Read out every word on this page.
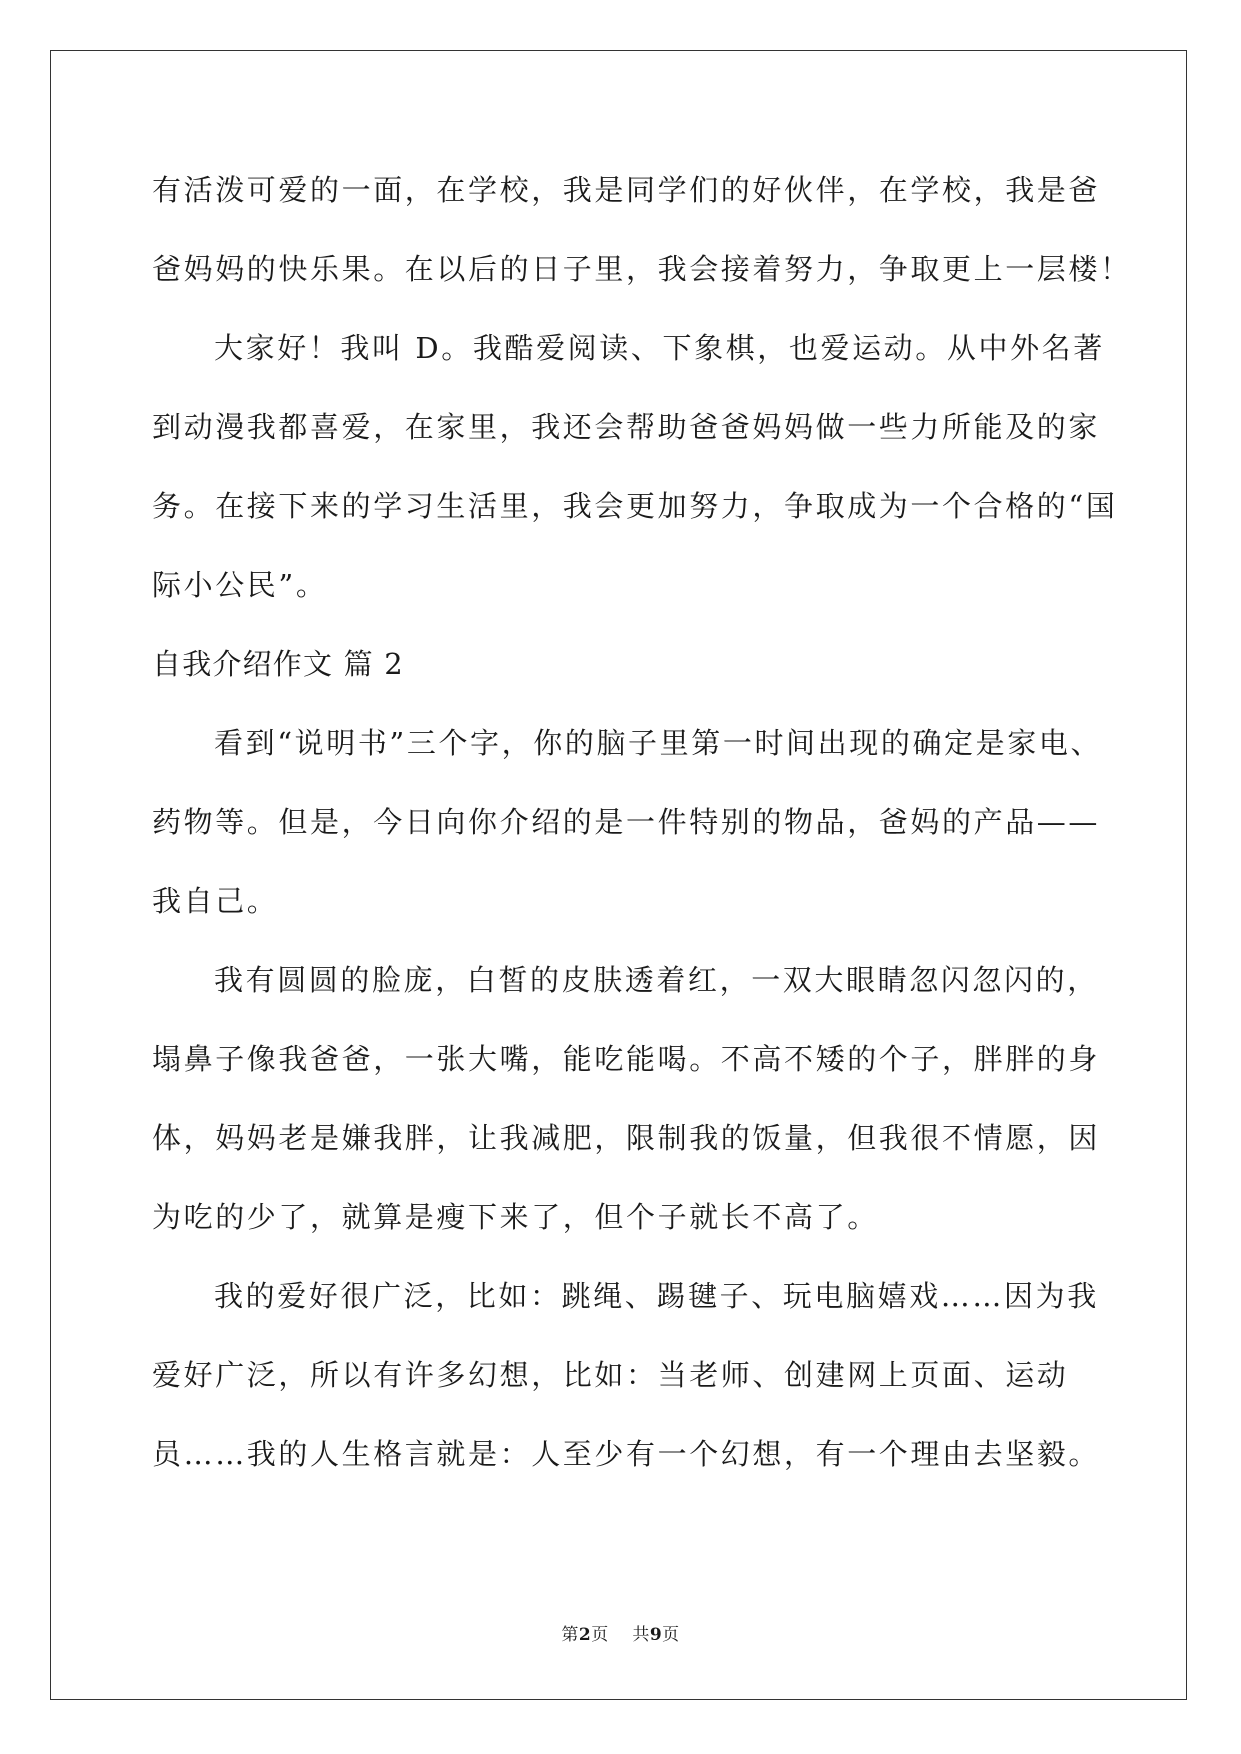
有活泼可爱的一面，在学校，我是同学们的好伙伴，在学校，我是爸
爸妈妈的快乐果。在以后的日子里，我会接着努力，争取更上一层楼！
大家好！我叫 D。我酷爱阅读、下象棋，也爱运动。从中外名著
到动漫我都喜爱，在家里，我还会帮助爸爸妈妈做一些力所能及的家
务。在接下来的学习生活里，我会更加努力，争取成为一个合格的“国
际小公民”。
自我介绍作文 篇 2
看到“说明书”三个字，你的脑子里第一时间出现的确定是家电、
药物等。但是，今日向你介绍的是一件特别的物品，爸妈的产品——
我自己。
我有圆圆的脸庞，白皙的皮肤透着红，一双大眼睛忽闪忽闪的，
塌鼻子像我爸爸，一张大嘴，能吃能喝。不高不矮的个子，胖胖的身
体，妈妈老是嫌我胖，让我减肥，限制我的饭量，但我很不情愿，因
为吃的少了，就算是瘦下来了，但个子就长不高了。
我的爱好很广泛，比如：跳绳、踢毽子、玩电脑嬉戏……因为我
爱好广泛，所以有许多幻想，比如：当老师、创建网上页面、运动
员……我的人生格言就是：人至少有一个幻想，有一个理由去坚毅。
第2页 共9页
